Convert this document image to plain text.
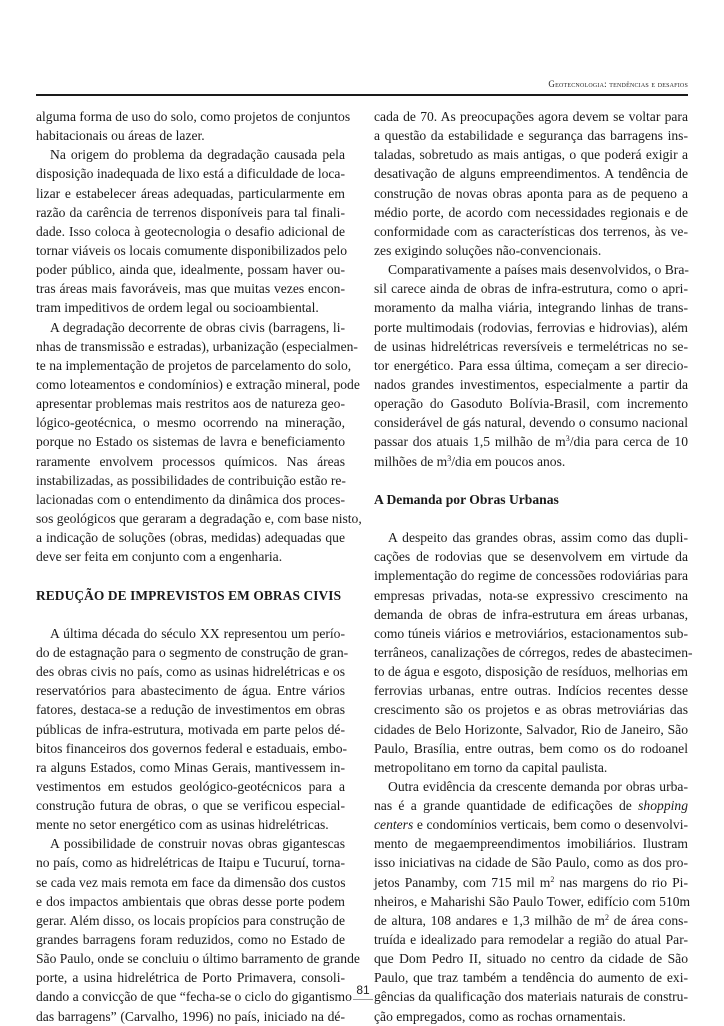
Geotecnologia: tendências e desafios
alguma forma de uso do solo, como projetos de conjuntos
habitacionais ou áreas de lazer.
Na origem do problema da degradação causada pela
disposição inadequada de lixo está a dificuldade de loca-
lizar e estabelecer áreas adequadas, particularmente em
razão da carência de terrenos disponíveis para tal finali-
dade. Isso coloca à geotecnologia o desafio adicional de
tornar viáveis os locais comumente disponibilizados pelo
poder público, ainda que, idealmente, possam haver ou-
tras áreas mais favoráveis, mas que muitas vezes encon-
tram impeditivos de ordem legal ou socioambiental.
A degradação decorrente de obras civis (barragens, li-
nhas de transmissão e estradas), urbanização (especialmen-
te na implementação de projetos de parcelamento do solo,
como loteamentos e condomínios) e extração mineral, pode
apresentar problemas mais restritos aos de natureza geo-
lógico-geotécnica, o mesmo ocorrendo na mineração,
porque no Estado os sistemas de lavra e beneficiamento
raramente envolvem processos químicos. Nas áreas
instabilizadas, as possibilidades de contribuição estão re-
lacionadas com o entendimento da dinâmica dos proces-
sos geológicos que geraram a degradação e, com base nisto,
a indicação de soluções (obras, medidas) adequadas que
deve ser feita em conjunto com a engenharia.
REDUÇÃO DE IMPREVISTOS EM OBRAS CIVIS
A última década do século XX representou um perío-
do de estagnação para o segmento de construção de gran-
des obras civis no país, como as usinas hidrelétricas e os
reservatórios para abastecimento de água. Entre vários
fatores, destaca-se a redução de investimentos em obras
públicas de infra-estrutura, motivada em parte pelos dé-
bitos financeiros dos governos federal e estaduais, embo-
ra alguns Estados, como Minas Gerais, mantivessem in-
vestimentos em estudos geológico-geotécnicos para a
construção futura de obras, o que se verificou especial-
mente no setor energético com as usinas hidrelétricas.
A possibilidade de construir novas obras gigantescas
no país, como as hidrelétricas de Itaipu e Tucuruí, torna-
se cada vez mais remota em face da dimensão dos custos
e dos impactos ambientais que obras desse porte podem
gerar. Além disso, os locais propícios para construção de
grandes barragens foram reduzidos, como no Estado de
São Paulo, onde se concluiu o último barramento de grande
porte, a usina hidrelétrica de Porto Primavera, consoli-
dando a convicção de que “fecha-se o ciclo do gigantismo
das barragens” (Carvalho, 1996) no país, iniciado na dé-
cada de 70. As preocupações agora devem se voltar para
a questão da estabilidade e segurança das barragens ins-
taladas, sobretudo as mais antigas, o que poderá exigir a
desativação de alguns empreendimentos. A tendência de
construção de novas obras aponta para as de pequeno a
médio porte, de acordo com necessidades regionais e de
conformidade com as características dos terrenos, às ve-
zes exigindo soluções não-convencionais.
Comparativamente a países mais desenvolvidos, o Bra-
sil carece ainda de obras de infra-estrutura, como o apri-
moramento da malha viária, integrando linhas de trans-
porte multimodais (rodovias, ferrovias e hidrovias), além
de usinas hidrelétricas reversíveis e termelétricas no se-
tor energético. Para essa última, começam a ser direcio-
nados grandes investimentos, especialmente a partir da
operação do Gasoduto Bolívia-Brasil, com incremento
considerável de gás natural, devendo o consumo nacional
passar dos atuais 1,5 milhão de $m^3$/dia para cerca de 10
milhões de $m^3$/dia em poucos anos.
A Demanda por Obras Urbanas
A despeito das grandes obras, assim como das dupli-
cações de rodovias que se desenvolvem em virtude da
implementação do regime de concessões rodoviárias para
empresas privadas, nota-se expressivo crescimento na
demanda de obras de infra-estrutura em áreas urbanas,
como túneis viários e metroviários, estacionamentos sub-
terrâneos, canalizações de córregos, redes de abastecimen-
to de água e esgoto, disposição de resíduos, melhorias em
ferrovias urbanas, entre outras. Indícios recentes desse
crescimento são os projetos e as obras metroviárias das
cidades de Belo Horizonte, Salvador, Rio de Janeiro, São
Paulo, Brasília, entre outras, bem como os do rodoanel
metropolitano em torno da capital paulista.
Outra evidência da crescente demanda por obras urba-
nas é a grande quantidade de edificações de shopping
centers e condomínios verticais, bem como o desenvolvi-
mento de megaempreendimentos imobiliários. Ilustram
isso iniciativas na cidade de São Paulo, como as dos pro-
jetos Panamby, com 715 mil $m^2$ nas margens do rio Pi-
nheiros, e Maharishi São Paulo Tower, edifício com 510m
de altura, 108 andares e 1,3 milhão de $m^2$ de área cons-
truída e idealizado para remodelar a região do atual Par-
que Dom Pedro II, situado no centro da cidade de São
Paulo, que traz também a tendência do aumento de exi-
gências da qualificação dos materiais naturais de constru-
ção empregados, como as rochas ornamentais.
81
